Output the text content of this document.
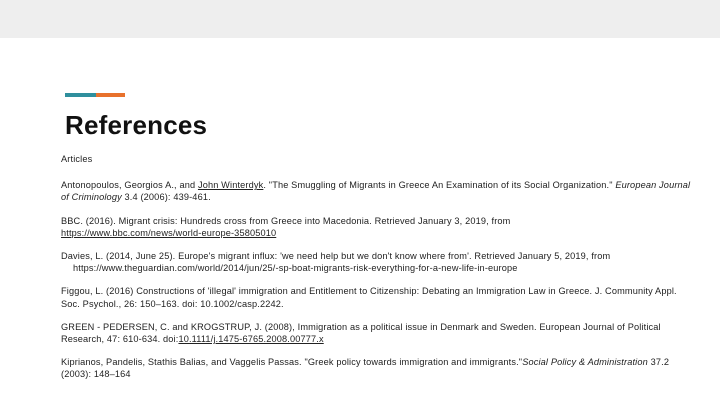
References

Articles

Antonopoulos, Georgios A., and John Winterdyk. "The Smuggling of Migrants in Greece An Examination of its Social Organization." European Journal of Criminology 3.4 (2006): 439-461.

BBC. (2016). Migrant crisis: Hundreds cross from Greece into Macedonia. Retrieved January 3, 2019, from
https://www.bbc.com/news/world-europe-35805010

Davies, L. (2014, June 25). Europe's migrant influx: 'we need help but we don't know where from'. Retrieved January 5, 2019, from
https://www.theguardian.com/world/2014/jun/25/-sp-boat-migrants-risk-everything-for-a-new-life-in-europe

Figgou, L. (2016) Constructions of 'illegal' immigration and Entitlement to Citizenship: Debating an Immigration Law in Greece. J. Community Appl. Soc. Psychol., 26: 150–163. doi: 10.1002/casp.2242.

GREEN - PEDERSEN, C. and KROGSTRUP, J. (2008), Immigration as a political issue in Denmark and Sweden. European Journal of Political Research, 47: 610-634. doi:10.1111/j.1475-6765.2008.00777.x

Kiprianos, Pandelis, Stathis Balias, and Vaggelis Passas. "Greek policy towards immigration and immigrants."Social Policy & Administration 37.2 (2003): 148–164
